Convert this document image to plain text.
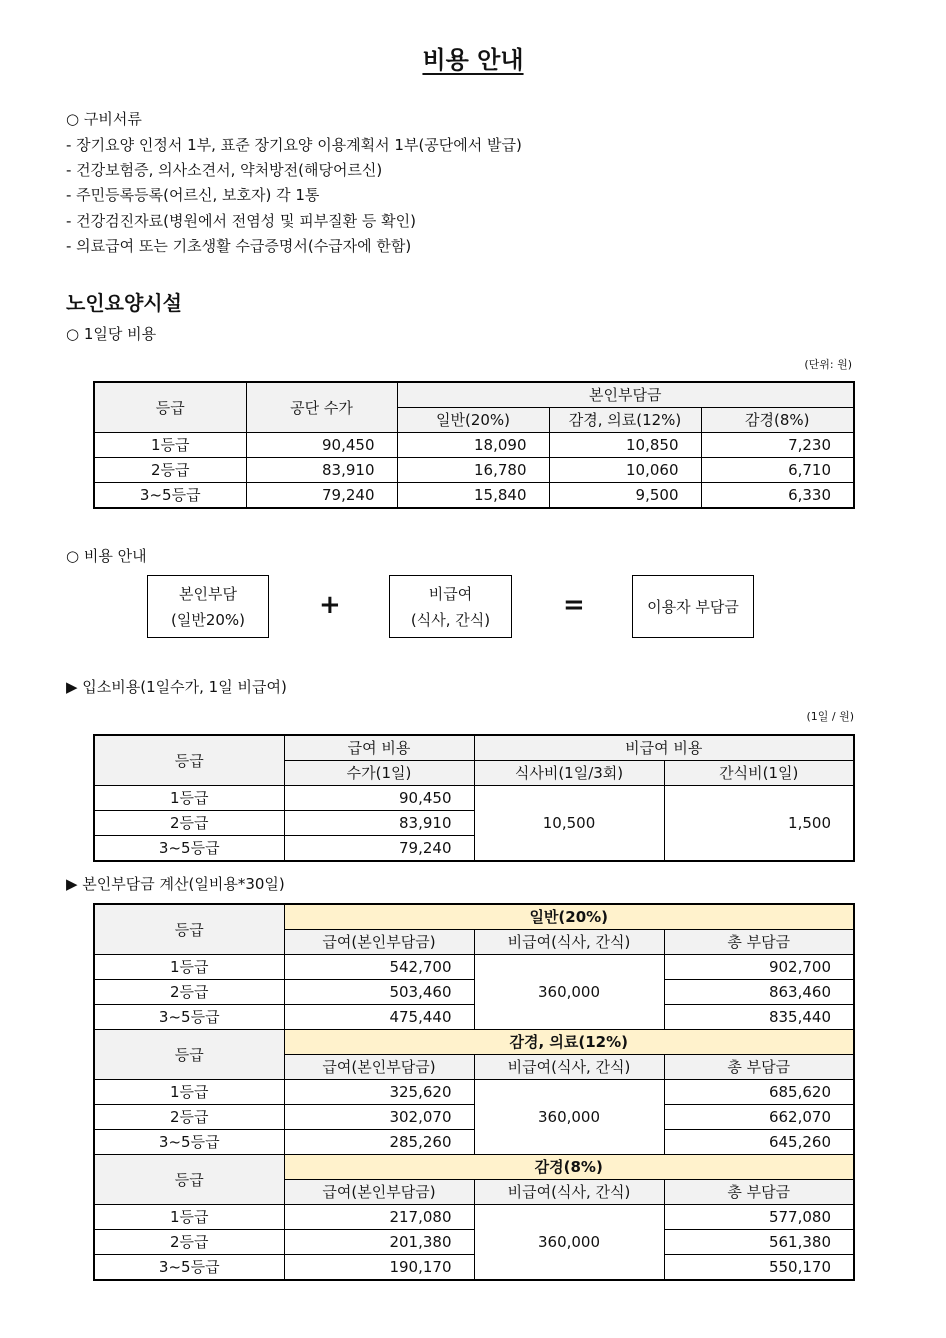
비용 안내
○ 구비서류
- 장기요양 인정서 1부, 표준 장기요양 이용계획서 1부(공단에서 발급)
- 건강보험증, 의사소견서, 약처방전(해당어르신)
- 주민등록등록(어르신, 보호자) 각 1통
- 건강검진자료(병원에서 전염성 및 피부질환 등 확인)
- 의료급여 또는 기초생활 수급증명서(수급자에 한함)
노인요양시설
○ 1일당 비용
(단위: 원)
등급	공단 수가	본인부담금		
		일반(20%)	감경, 의료(12%)	감경(8%)
1등급	90,450	18,090	10,850	7,230
2등급	83,910	16,780	10,060	6,710
3~5등급	79,240	15,840	9,500	6,330
○ 비용 안내
본인부담
(일반20%)	+	비급여
(식사, 간식)	=	이용자 부담금
▶ 입소비용(1일수가, 1일 비급여)
(1일 / 원)
등급	급여 비용	비급여 비용	
	수가(1일)	식사비(1일/3회)	간식비(1일)
1등급	90,450	10,500	1,500
2등급	83,910		
3~5등급	79,240		
▶ 본인부담금 계산(일비용*30일)
등급	일반(20%)		
	급여(본인부담금)	비급여(식사, 간식)	총 부담금
1등급	542,700	360,000	902,700
2등급	503,460		863,460
3~5등급	475,440		835,440
등급	감경, 의료(12%)		
	급여(본인부담금)	비급여(식사, 간식)	총 부담금
1등급	325,620	360,000	685,620
2등급	302,070		662,070
3~5등급	285,260		645,260
등급	감경(8%)		
	급여(본인부담금)	비급여(식사, 간식)	총 부담금
1등급	217,080	360,000	577,080
2등급	201,380		561,380
3~5등급	190,170		550,170
